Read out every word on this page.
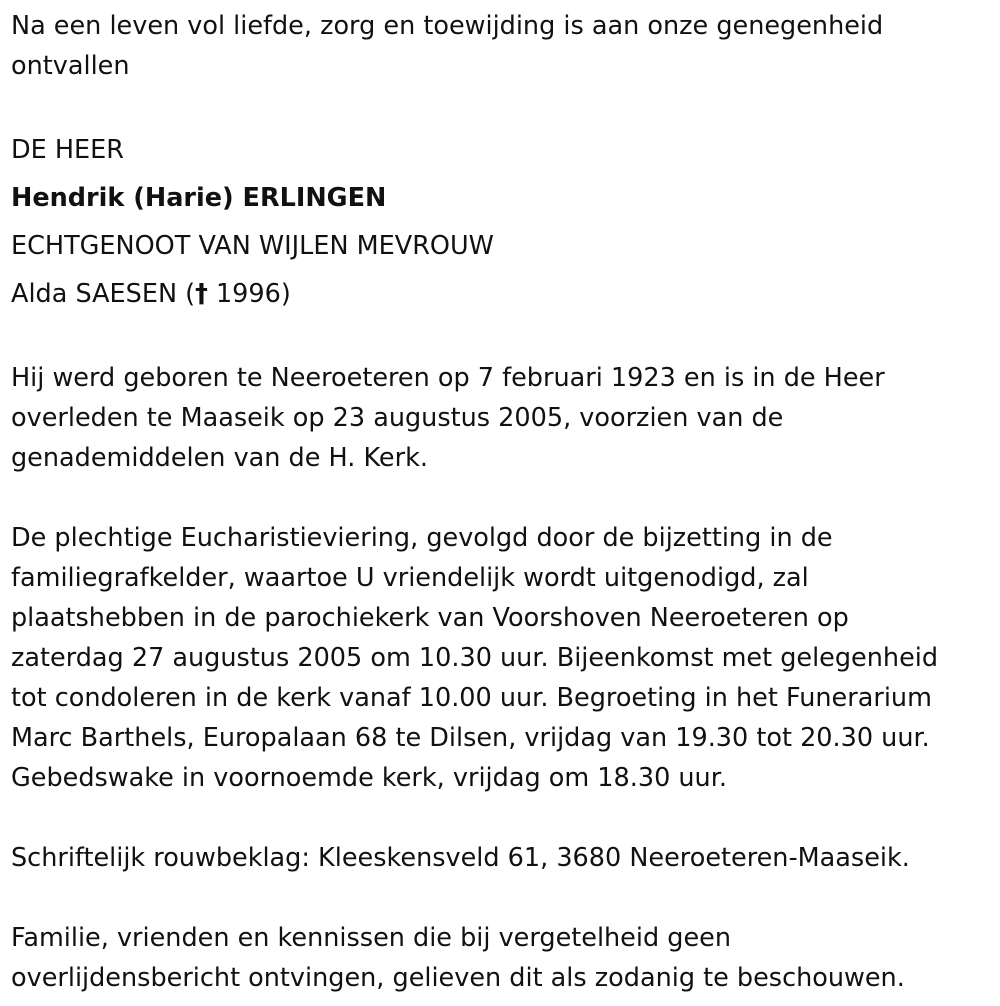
Na een leven vol liefde, zorg en toewijding is aan onze genegenheid
ontvallen
DE HEER
Hendrik (Harie) ERLINGEN
ECHTGENOOT VAN WIJLEN MEVROUW
Alda SAESEN († 1996)
Hij werd geboren te Neeroeteren op 7 februari 1923 en is in de Heer
overleden te Maaseik op 23 augustus 2005, voorzien van de
genademiddelen van de H. Kerk.
De plechtige Eucharistieviering, gevolgd door de bijzetting in de
familiegrafkelder, waartoe U vriendelijk wordt uitgenodigd, zal
plaatshebben in de parochiekerk van Voorshoven Neeroeteren op
zaterdag 27 augustus 2005 om 10.30 uur. Bijeenkomst met gelegenheid
tot condoleren in de kerk vanaf 10.00 uur. Begroeting in het Funerarium
Marc Barthels, Europalaan 68 te Dilsen, vrijdag van 19.30 tot 20.30 uur.
Gebedswake in voornoemde kerk, vrijdag om 18.30 uur.
Schriftelijk rouwbeklag: Kleeskensveld 61, 3680 Neeroeteren-Maaseik.
Familie, vrienden en kennissen die bij vergetelheid geen
overlijdensbericht ontvingen, gelieven dit als zodanig te beschouwen.
